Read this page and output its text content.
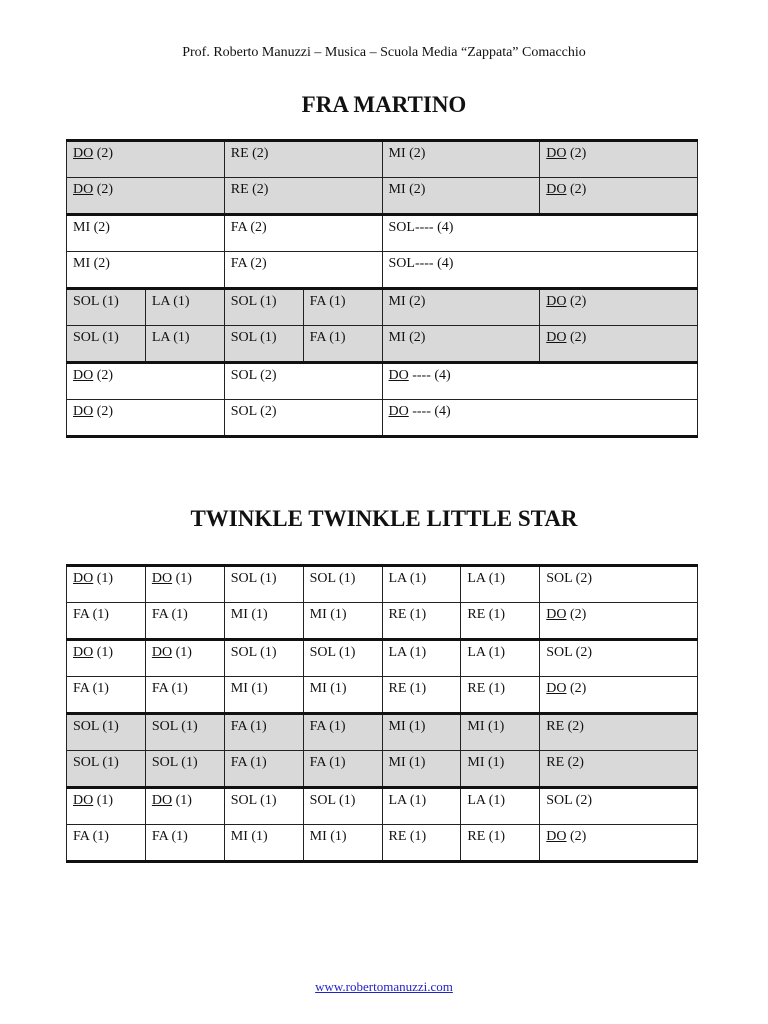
Prof. Roberto Manuzzi – Musica – Scuola Media “Zappata” Comacchio
FRA MARTINO
DO (2)		RE (2)		MI (2)	DO (2)
DO (2)		RE (2)		MI (2)	DO (2)
MI (2)		FA (2)		SOL---- (4)	
MI (2)		FA (2)		SOL---- (4)	
SOL (1)	LA (1)	SOL (1)	FA (1)	MI (2)	DO (2)
SOL (1)	LA (1)	SOL (1)	FA (1)	MI (2)	DO (2)
DO (2)		SOL (2)		DO ---- (4)	
DO (2)		SOL (2)		DO ---- (4)	
TWINKLE TWINKLE LITTLE STAR
DO (1)	DO (1)	SOL (1)	SOL (1)	LA (1)	LA (1)	SOL (2)
FA (1)	FA (1)	MI (1)	MI (1)	RE (1)	RE (1)	DO (2)
DO (1)	DO (1)	SOL (1)	SOL (1)	LA (1)	LA (1)	SOL (2)
FA (1)	FA (1)	MI (1)	MI (1)	RE (1)	RE (1)	DO (2)
SOL (1)	SOL (1)	FA (1)	FA (1)	MI (1)	MI (1)	RE (2)
SOL (1)	SOL (1)	FA (1)	FA (1)	MI (1)	MI (1)	RE (2)
DO (1)	DO (1)	SOL (1)	SOL (1)	LA (1)	LA (1)	SOL (2)
FA (1)	FA (1)	MI (1)	MI (1)	RE (1)	RE (1)	DO (2)
www.robertomanuzzi.com
